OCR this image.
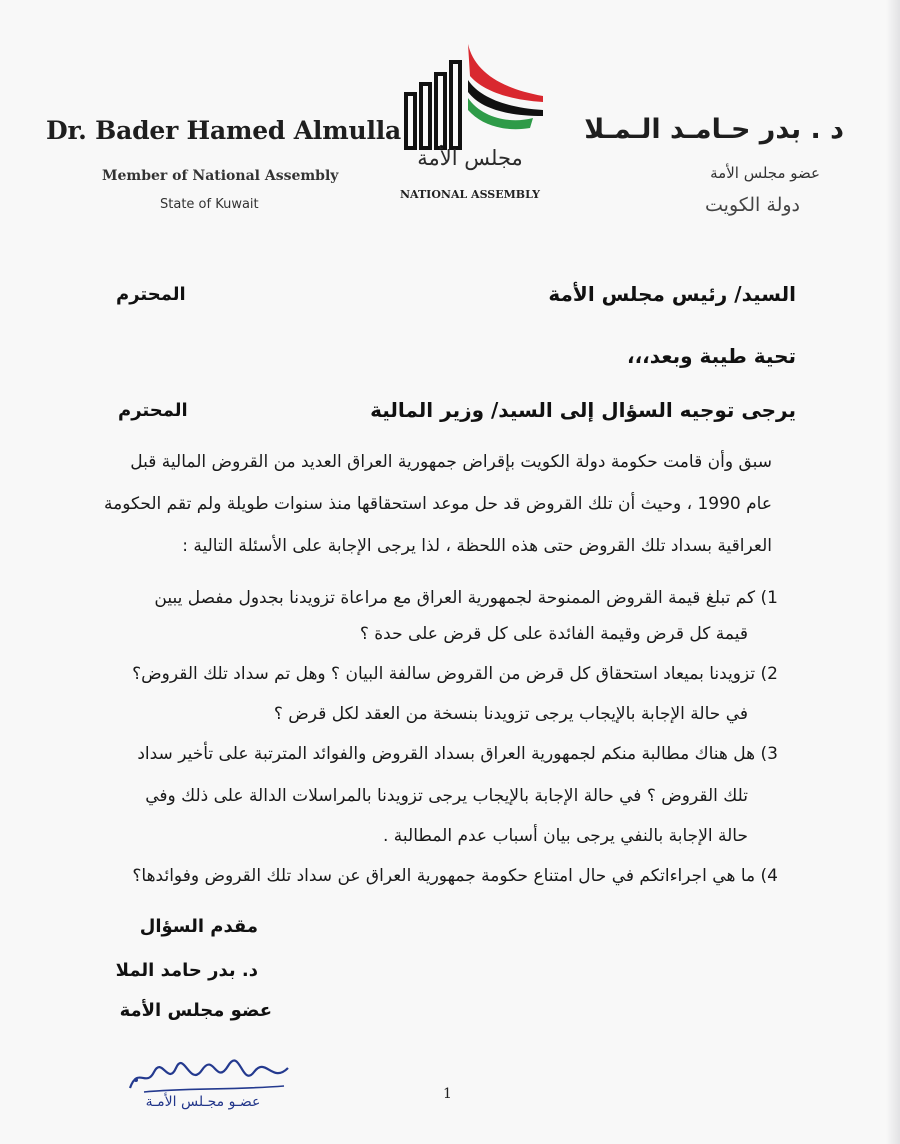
Dr. Bader Hamed Almulla
Member of National Assembly
State of Kuwait
مجلس الأمة
NATIONAL ASSEMBLY
د . بدر حـامـد الـمـلا
عضو مجلس الأمة
دولة الكويت
السيد/ رئيس مجلس الأمة
المحترم
تحية طيبة وبعد،،،
يرجى توجيه السؤال إلى السيد/ وزير المالية
المحترم
سبق وأن قامت حكومة دولة الكويت بإقراض جمهورية العراق العديد من القروض المالية قبل
عام 1990 ، وحيث أن تلك القروض قد حل موعد استحقاقها منذ سنوات طويلة ولم تقم الحكومة
العراقية بسداد تلك القروض حتى هذه اللحظة ، لذا يرجى الإجابة على الأسئلة التالية :
1) كم تبلغ قيمة القروض الممنوحة لجمهورية العراق مع مراعاة تزويدنا بجدول مفصل يبين
قيمة كل قرض وقيمة الفائدة على كل قرض على حدة ؟
2) تزويدنا بميعاد استحقاق كل قرض من القروض سالفة البيان ؟ وهل تم سداد تلك القروض؟
في حالة الإجابة بالإيجاب يرجى تزويدنا بنسخة من العقد لكل قرض ؟
3) هل هناك مطالبة منكم لجمهورية العراق بسداد القروض والفوائد المترتبة على تأخير سداد
تلك القروض ؟ في حالة الإجابة بالإيجاب يرجى تزويدنا بالمراسلات الدالة على ذلك وفي
حالة الإجابة بالنفي يرجى بيان أسباب عدم المطالبة .
4) ما هي اجراءاتكم في حال امتناع حكومة جمهورية العراق عن سداد تلك القروض وفوائدها؟
مقدم السؤال
د. بدر حامد الملا
عضو مجلس الأمة
عضـو مجـلس الأمـة	1
